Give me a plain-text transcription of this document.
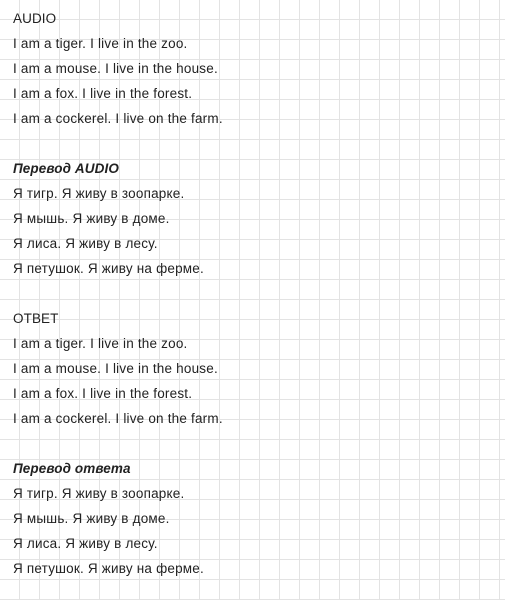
AUDIO

I am a tiger. I live in the zoo.

I am a mouse. I live in the house.

I am a fox. I live in the forest.

I am a cockerel. I live on the farm.

Перевод AUDIO

Я тигр. Я живу в зоопарке.

Я мышь. Я живу в доме.

Я лиса. Я живу в лесу.

Я петушок. Я живу на ферме.

ОТВЕТ

I am a tiger. I live in the zoo.

I am a mouse. I live in the house.

I am a fox. I live in the forest.

I am a cockerel. I live on the farm.

Перевод ответа

Я тигр. Я живу в зоопарке.

Я мышь. Я живу в доме.

Я лиса. Я живу в лесу.

Я петушок. Я живу на ферме.
